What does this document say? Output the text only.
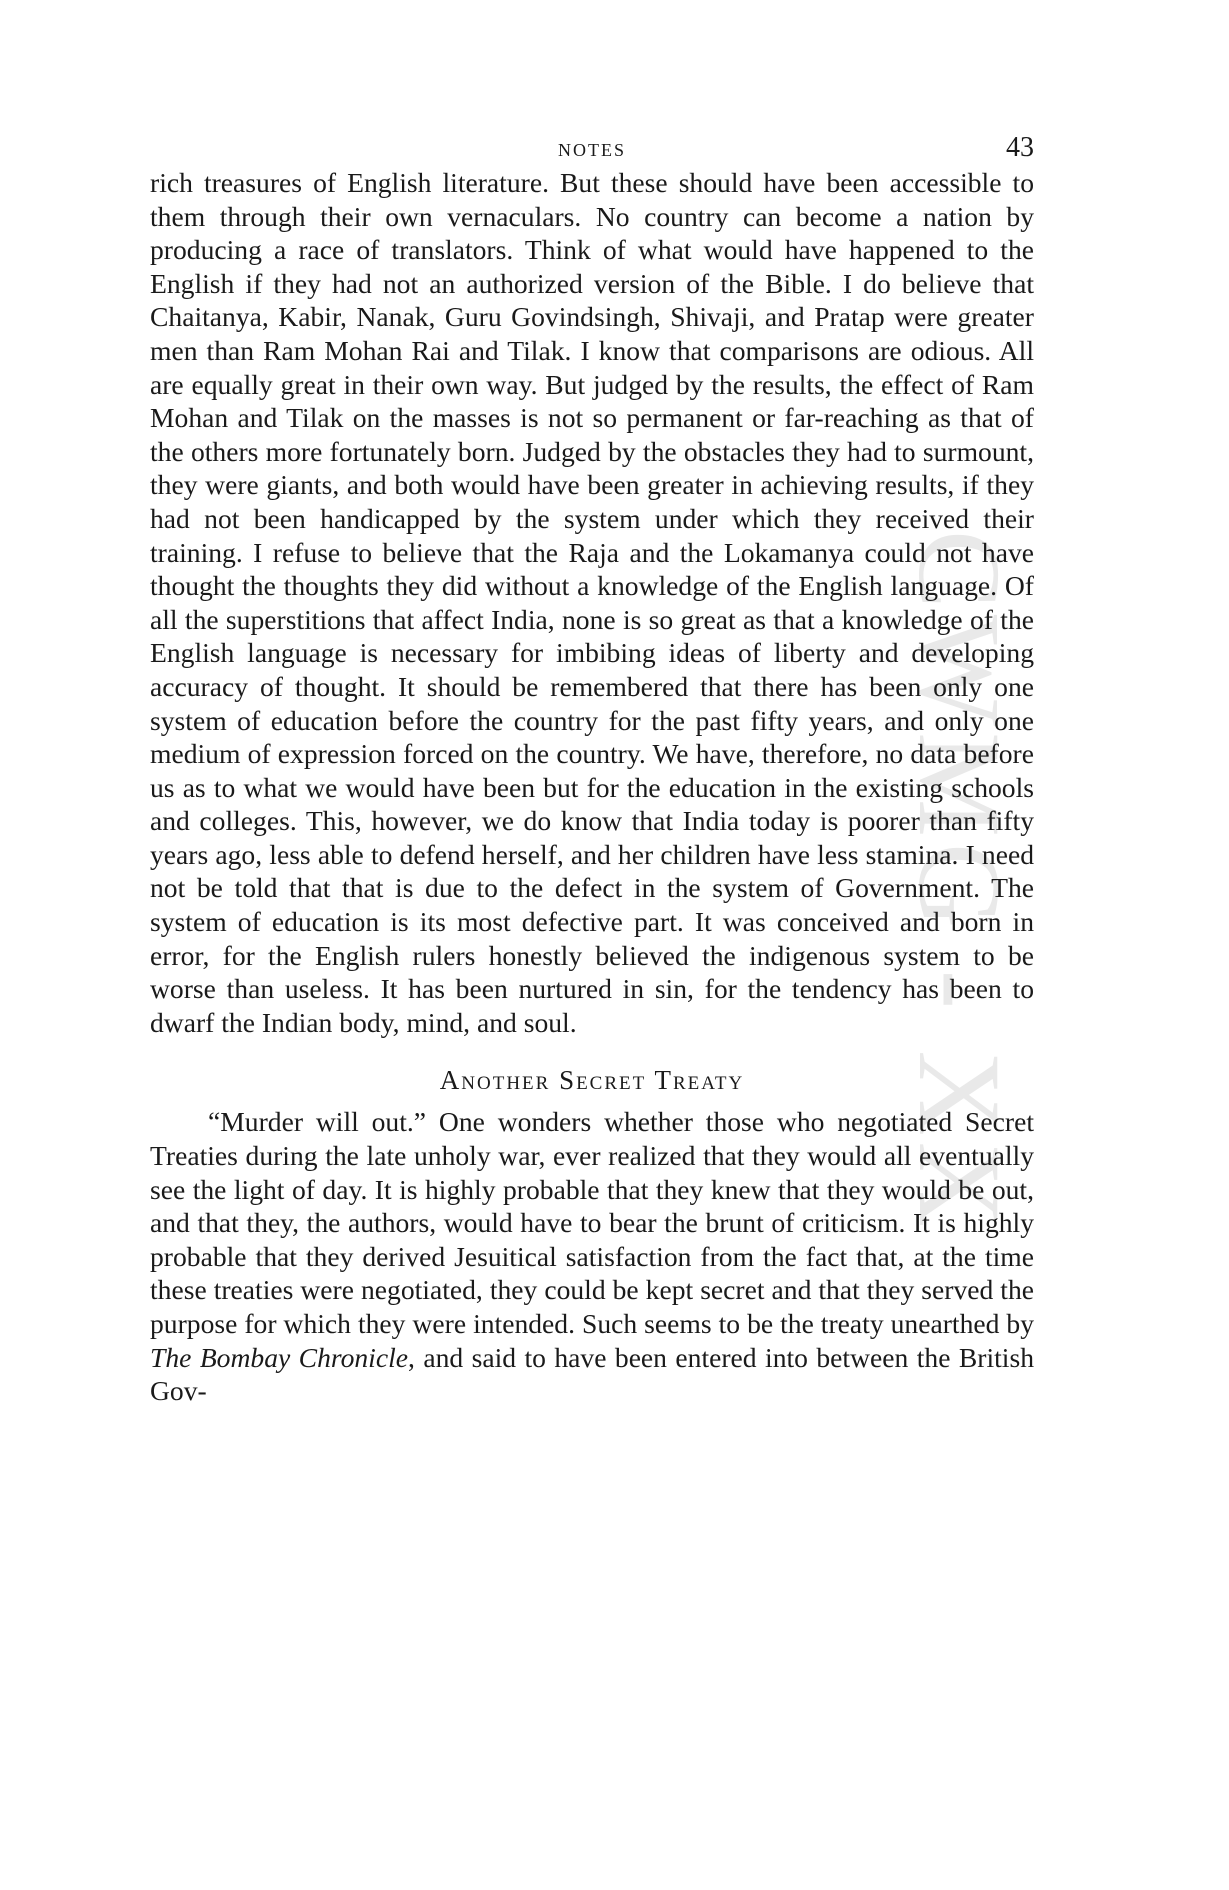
CWMG - XX
NOTES	43

rich treasures of English literature. But these should have been accessible to them through their own vernaculars. No country can become a nation by producing a race of translators. Think of what would have happened to the English if they had not an authorized version of the Bible. I do believe that Chaitanya, Kabir, Nanak, Guru Govindsingh, Shivaji, and Pratap were greater men than Ram Mohan Rai and Tilak. I know that comparisons are odious. All are equally great in their own way. But judged by the results, the effect of Ram Mohan and Tilak on the masses is not so permanent or far-reaching as that of the others more fortunately born. Judged by the obstacles they had to surmount, they were giants, and both would have been greater in achieving results, if they had not been handicapped by the system under which they received their training. I refuse to believe that the Raja and the Lokamanya could not have thought the thoughts they did without a knowledge of the English language. Of all the superstitions that affect India, none is so great as that a knowledge of the English language is necessary for imbibing ideas of liberty and developing accuracy of thought. It should be remembered that there has been only one system of education before the country for the past fifty years, and only one medium of expression forced on the country. We have, therefore, no data before us as to what we would have been but for the education in the existing schools and colleges. This, however, we do know that India today is poorer than fifty years ago, less able to defend herself, and her children have less stamina. I need not be told that that is due to the defect in the system of Government. The system of education is its most defective part. It was conceived and born in error, for the English rulers honestly believed the indigenous system to be worse than useless. It has been nurtured in sin, for the tendency has been to dwarf the Indian body, mind, and soul.

Another Secret Treaty

“Murder will out.” One wonders whether those who negotiated Secret Treaties during the late unholy war, ever realized that they would all eventually see the light of day. It is highly probable that they knew that they would be out, and that they, the authors, would have to bear the brunt of criticism. It is highly probable that they derived Jesuitical satisfaction from the fact that, at the time these treaties were negotiated, they could be kept secret and that they served the purpose for which they were intended. Such seems to be the treaty unearthed by The Bombay Chronicle, and said to have been entered into between the British Gov-
